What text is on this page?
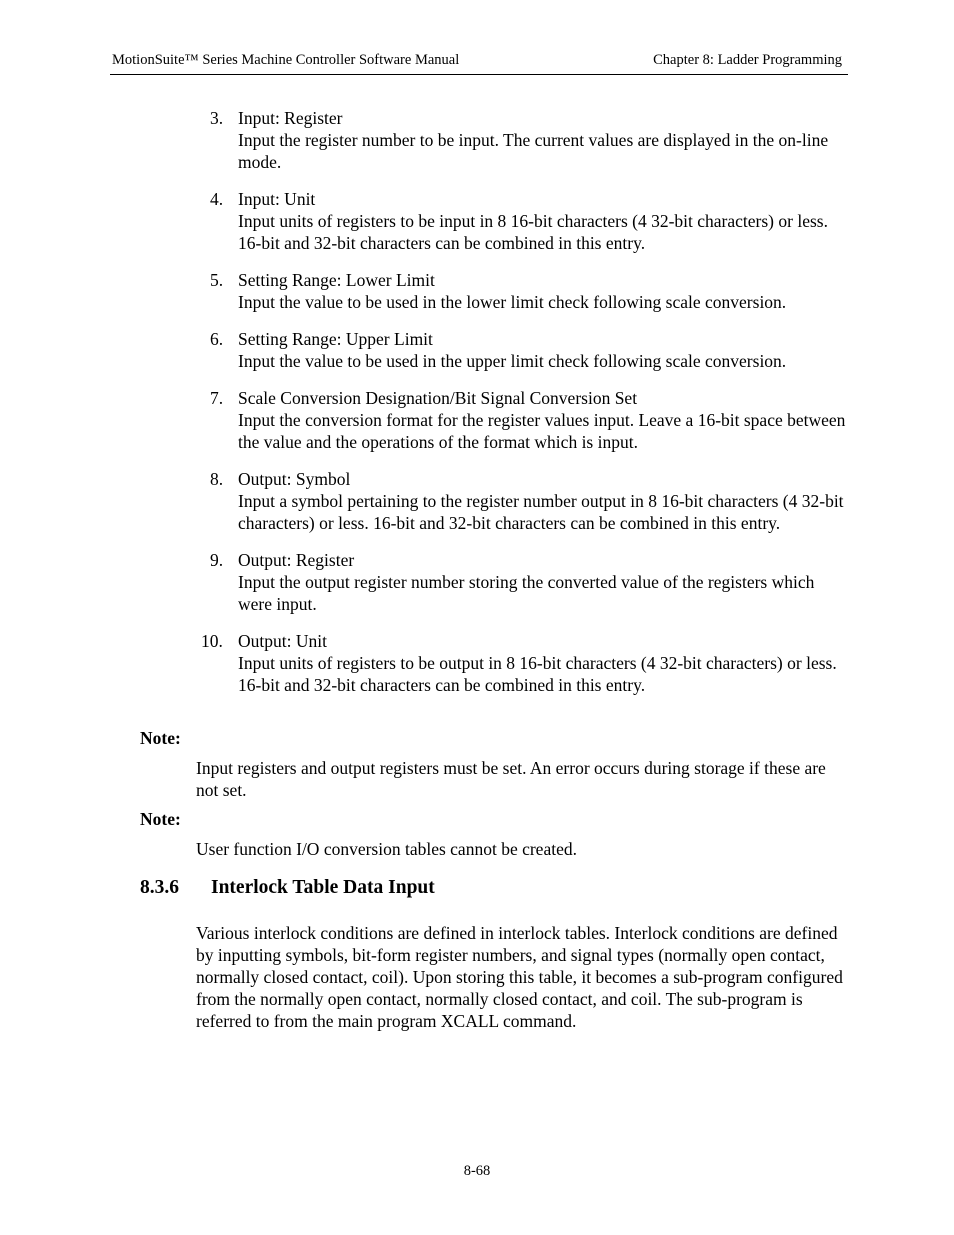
MotionSuite™ Series Machine Controller Software Manual	Chapter 8: Ladder Programming
3. Input: Register
Input the register number to be input. The current values are displayed in the on-line mode.
4. Input: Unit
Input units of registers to be input in 8 16-bit characters (4 32-bit characters) or less. 16-bit and 32-bit characters can be combined in this entry.
5. Setting Range: Lower Limit
Input the value to be used in the lower limit check following scale conversion.
6. Setting Range: Upper Limit
Input the value to be used in the upper limit check following scale conversion.
7. Scale Conversion Designation/Bit Signal Conversion Set
Input the conversion format for the register values input. Leave a 16-bit space between the value and the operations of the format which is input.
8. Output: Symbol
Input a symbol pertaining to the register number output in 8 16-bit characters (4 32-bit characters) or less. 16-bit and 32-bit characters can be combined in this entry.
9. Output: Register
Input the output register number storing the converted value of the registers which were input.
10. Output: Unit
Input units of registers to be output in 8 16-bit characters (4 32-bit characters) or less. 16-bit and 32-bit characters can be combined in this entry.
Note:
Input registers and output registers must be set. An error occurs during storage if these are not set.
Note:
User function I/O conversion tables cannot be created.
8.3.6 Interlock Table Data Input
Various interlock conditions are defined in interlock tables. Interlock conditions are defined by inputting symbols, bit-form register numbers, and signal types (normally open contact, normally closed contact, coil). Upon storing this table, it becomes a sub-program configured from the normally open contact, normally closed contact, and coil. The sub-program is referred to from the main program XCALL command.
8-68
